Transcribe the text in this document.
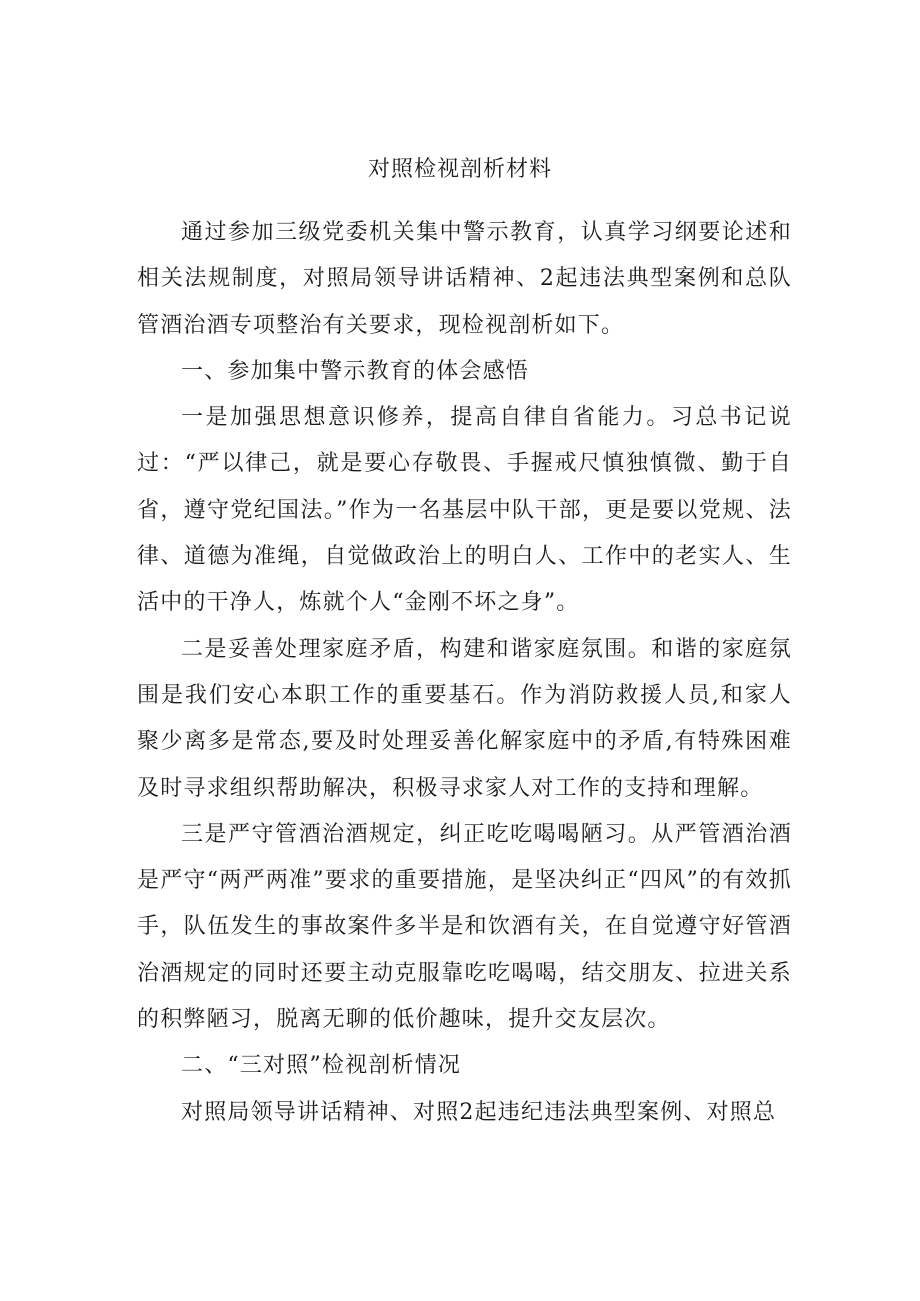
对照检视剖析材料

通过参加三级党委机关集中警示教育，认真学习纲要论述和相关法规制度，对照局领导讲话精神、2起违法典型案例和总队管酒治酒专项整治有关要求，现检视剖析如下。

一、参加集中警示教育的体会感悟

一是加强思想意识修养，提高自律自省能力。习总书记说过：“严以律己，就是要心存敬畏、手握戒尺慎独慎微、勤于自省，遵守党纪国法。”作为一名基层中队干部，更是要以党规、法律、道德为准绳，自觉做政治上的明白人、工作中的老实人、生活中的干净人，炼就个人“金刚不坏之身”。

二是妥善处理家庭矛盾，构建和谐家庭氛围。和谐的家庭氛围是我们安心本职工作的重要基石。作为消防救援人员,和家人聚少离多是常态,要及时处理妥善化解家庭中的矛盾,有特殊困难及时寻求组织帮助解决，积极寻求家人对工作的支持和理解。

三是严守管酒治酒规定，纠正吃吃喝喝陋习。从严管酒治酒是严守“两严两准”要求的重要措施，是坚决纠正“四风”的有效抓手，队伍发生的事故案件多半是和饮酒有关，在自觉遵守好管酒治酒规定的同时还要主动克服靠吃吃喝喝，结交朋友、拉进关系的积弊陋习，脱离无聊的低价趣味，提升交友层次。

二、“三对照”检视剖析情况

对照局领导讲话精神、对照2起违纪违法典型案例、对照总
